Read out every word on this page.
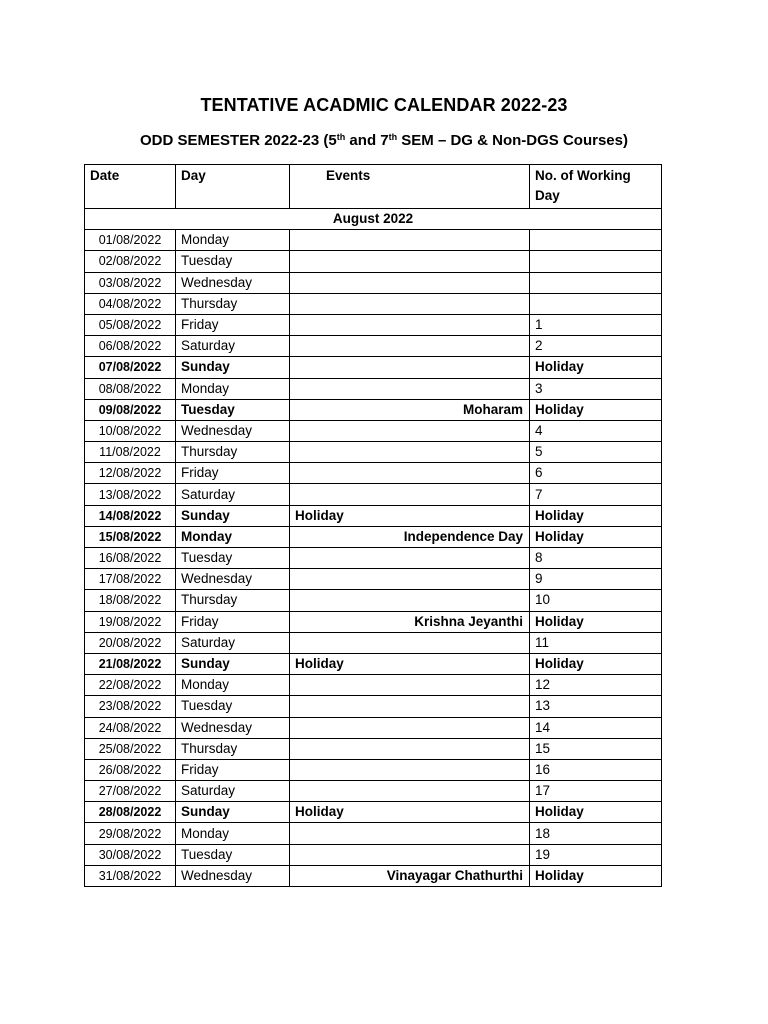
TENTATIVE ACADMIC CALENDAR 2022-23
ODD SEMESTER 2022-23 (5th and 7th SEM – DG & Non-DGS Courses)
Date	Day	Events	No. of Working Day
August 2022			
01/08/2022	Monday		
02/08/2022	Tuesday		
03/08/2022	Wednesday		
04/08/2022	Thursday		
05/08/2022	Friday		1
06/08/2022	Saturday		2
07/08/2022	Sunday		Holiday
08/08/2022	Monday		3
09/08/2022	Tuesday	Moharam	Holiday
10/08/2022	Wednesday		4
11/08/2022	Thursday		5
12/08/2022	Friday		6
13/08/2022	Saturday		7
14/08/2022	Sunday	Holiday	Holiday
15/08/2022	Monday	Independence Day	Holiday
16/08/2022	Tuesday		8
17/08/2022	Wednesday		9
18/08/2022	Thursday		10
19/08/2022	Friday	Krishna Jeyanthi	Holiday
20/08/2022	Saturday		11
21/08/2022	Sunday	Holiday	Holiday
22/08/2022	Monday		12
23/08/2022	Tuesday		13
24/08/2022	Wednesday		14
25/08/2022	Thursday		15
26/08/2022	Friday		16
27/08/2022	Saturday		17
28/08/2022	Sunday	Holiday	Holiday
29/08/2022	Monday		18
30/08/2022	Tuesday		19
31/08/2022	Wednesday	Vinayagar Chathurthi	Holiday
